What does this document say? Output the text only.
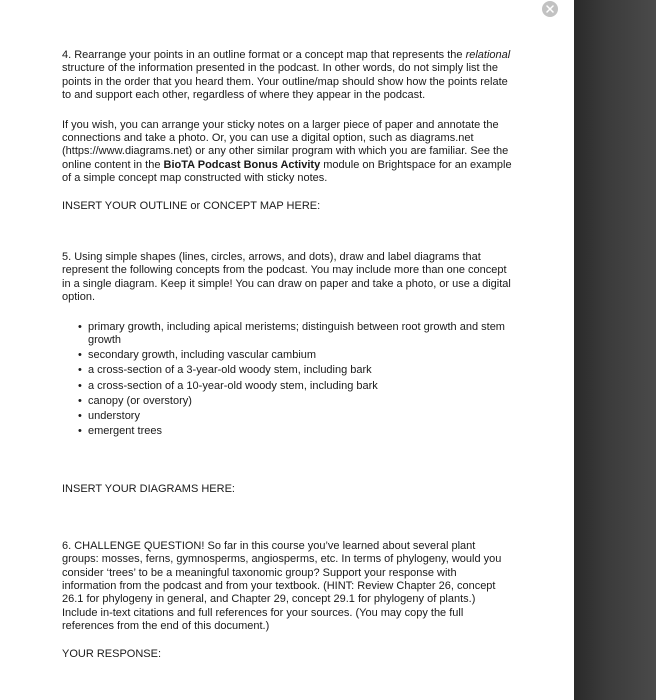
4. Rearrange your points in an outline format or a concept map that represents the relational structure of the information presented in the podcast. In other words, do not simply list the points in the order that you heard them. Your outline/map should show how the points relate to and support each other, regardless of where they appear in the podcast.

If you wish, you can arrange your sticky notes on a larger piece of paper and annotate the connections and take a photo. Or, you can use a digital option, such as diagrams.net (https://www.diagrams.net) or any other similar program with which you are familiar. See the online content in the BioTA Podcast Bonus Activity module on Brightspace for an example of a simple concept map constructed with sticky notes.

INSERT YOUR OUTLINE or CONCEPT MAP HERE:

5. Using simple shapes (lines, circles, arrows, and dots), draw and label diagrams that represent the following concepts from the podcast. You may include more than one concept in a single diagram. Keep it simple! You can draw on paper and take a photo, or use a digital option.

• primary growth, including apical meristems; distinguish between root growth and stem growth
• secondary growth, including vascular cambium
• a cross-section of a 3-year-old woody stem, including bark
• a cross-section of a 10-year-old woody stem, including bark
• canopy (or overstory)
• understory
• emergent trees

INSERT YOUR DIAGRAMS HERE:

6. CHALLENGE QUESTION! So far in this course you’ve learned about several plant groups: mosses, ferns, gymnosperms, angiosperms, etc. In terms of phylogeny, would you consider ‘trees’ to be a meaningful taxonomic group? Support your response with information from the podcast and from your textbook. (HINT: Review Chapter 26, concept 26.1 for phylogeny in general, and Chapter 29, concept 29.1 for phylogeny of plants.) Include in-text citations and full references for your sources. (You may copy the full references from the end of this document.)

YOUR RESPONSE:
